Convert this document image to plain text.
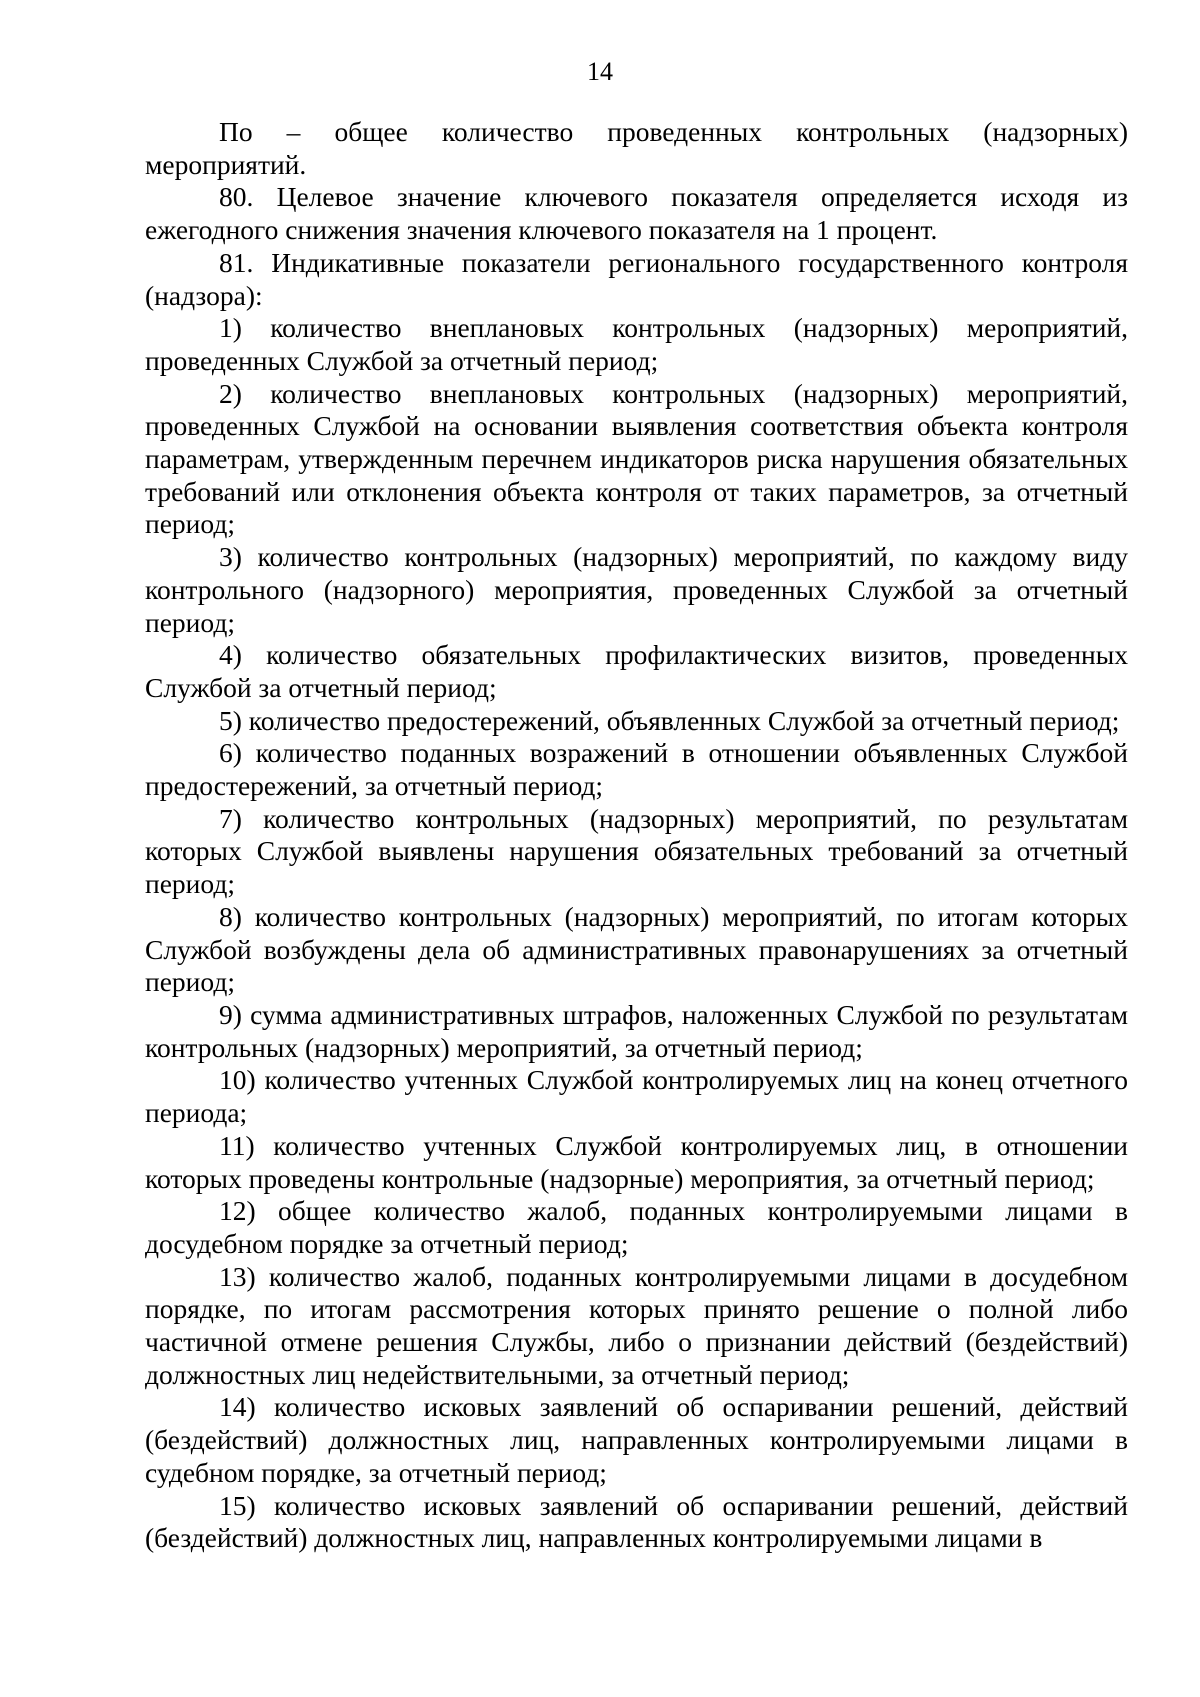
14

По – общее количество проведенных контрольных (надзорных) мероприятий.

80. Целевое значение ключевого показателя определяется исходя из ежегодного снижения значения ключевого показателя на 1 процент.

81. Индикативные показатели регионального государственного контроля (надзора):

1) количество внеплановых контрольных (надзорных) мероприятий, проведенных Службой за отчетный период;

2) количество внеплановых контрольных (надзорных) мероприятий, проведенных Службой на основании выявления соответствия объекта контроля параметрам, утвержденным перечнем индикаторов риска нарушения обязательных требований или отклонения объекта контроля от таких параметров, за отчетный период;

3) количество контрольных (надзорных) мероприятий, по каждому виду контрольного (надзорного) мероприятия, проведенных Службой за отчетный период;

4) количество обязательных профилактических визитов, проведенных Службой за отчетный период;

5) количество предостережений, объявленных Службой за отчетный период;

6) количество поданных возражений в отношении объявленных Службой предостережений, за отчетный период;

7) количество контрольных (надзорных) мероприятий, по результатам которых Службой выявлены нарушения обязательных требований за отчетный период;

8) количество контрольных (надзорных) мероприятий, по итогам которых Службой возбуждены дела об административных правонарушениях за отчетный период;

9) сумма административных штрафов, наложенных Службой по результатам контрольных (надзорных) мероприятий, за отчетный период;

10) количество учтенных Службой контролируемых лиц на конец отчетного периода;

11) количество учтенных Службой контролируемых лиц, в отношении которых проведены контрольные (надзорные) мероприятия, за отчетный период;

12) общее количество жалоб, поданных контролируемыми лицами в досудебном порядке за отчетный период;

13) количество жалоб, поданных контролируемыми лицами в досудебном порядке, по итогам рассмотрения которых принято решение о полной либо частичной отмене решения Службы, либо о признании действий (бездействий) должностных лиц недействительными, за отчетный период;

14) количество исковых заявлений об оспаривании решений, действий (бездействий) должностных лиц, направленных контролируемыми лицами в судебном порядке, за отчетный период;

15) количество исковых заявлений об оспаривании решений, действий (бездействий) должностных лиц, направленных контролируемыми лицами в
